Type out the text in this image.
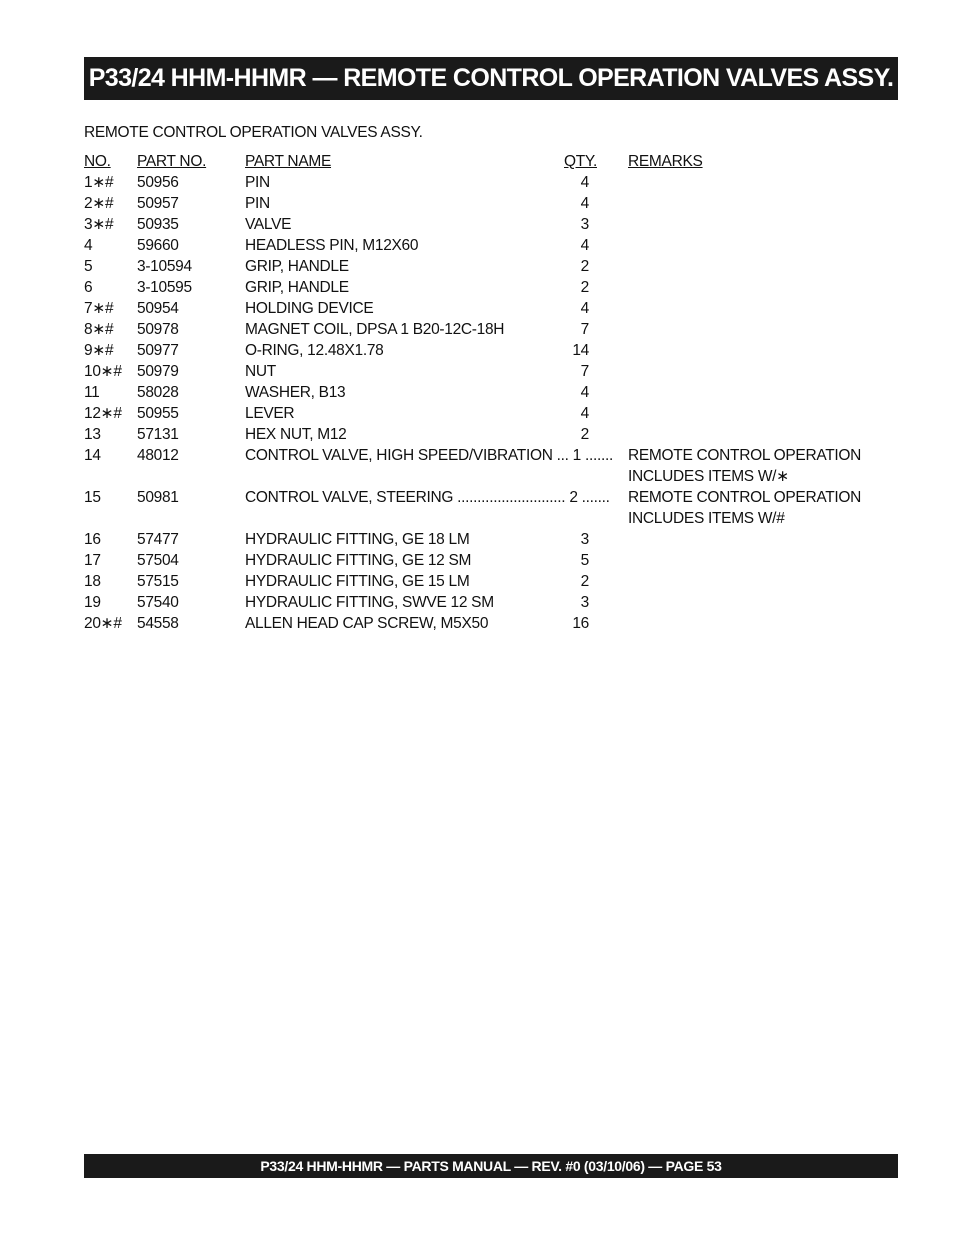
P33/24 HHM-HHMR — REMOTE CONTROL OPERATION VALVES ASSY.
REMOTE CONTROL OPERATION VALVES ASSY.
NO. PART NO.	PART NAME	QTY. REMARKS
1∗# 50956	PIN	4
2∗# 50957	PIN	4
3∗# 50935	VALVE	3
4	59660	HEADLESS PIN, M12X60	4
5	3-10594	GRIP, HANDLE	2
6	3-10595	GRIP, HANDLE	2
7∗# 50954	HOLDING DEVICE	4
8∗# 50978	MAGNET COIL, DPSA 1 B20-12C-18H	7
9∗# 50977	O-RING, 12.48X1.78	14
10∗# 50979	NUT	7
11 58028	WASHER, B13	4
12∗# 50955	LEVER	4
13 57131	HEX NUT, M12	2
14 48012	CONTROL VALVE, HIGH SPEED/VIBRATION ... 1 ....... REMOTE CONTROL OPERATION
INCLUDES ITEMS W/∗
15 50981	CONTROL VALVE, STEERING ........................... 2 ....... REMOTE CONTROL OPERATION
INCLUDES ITEMS W/#
16 57477	HYDRAULIC FITTING, GE 18 LM	3
17 57504	HYDRAULIC FITTING, GE 12 SM	5
18 57515	HYDRAULIC FITTING, GE 15 LM	2
19 57540	HYDRAULIC FITTING, SWVE 12 SM	3
20∗# 54558	ALLEN HEAD CAP SCREW, M5X50	16
P33/24 HHM-HHMR — PARTS MANUAL — REV. #0 (03/10/06) — PAGE 53
